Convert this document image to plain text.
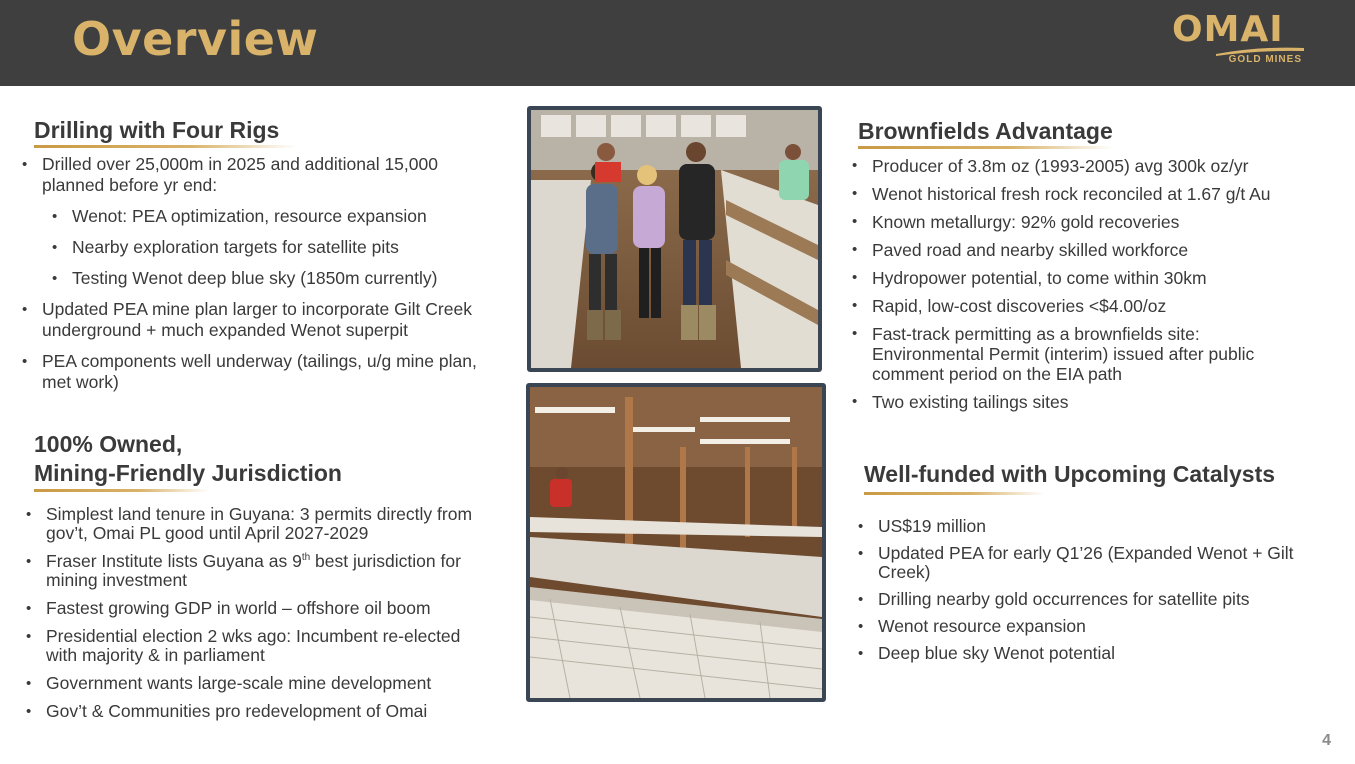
Overview	OMAI
GOLD MINES
Drilling with Four Rigs
• Drilled over 25,000m in 2025 and additional 15,000 planned before yr end:
• Wenot: PEA optimization, resource expansion
• Nearby exploration targets for satellite pits
• Testing Wenot deep blue sky (1850m currently)
• Updated PEA mine plan larger to incorporate Gilt Creek underground + much expanded Wenot superpit
• PEA components well underway (tailings, u/g mine plan, met work)
100% Owned,
Mining-Friendly Jurisdiction
• Simplest land tenure in Guyana: 3 permits directly from gov’t, Omai PL good until April 2027-2029
• Fraser Institute lists Guyana as 9th best jurisdiction for mining investment
• Fastest growing GDP in world – offshore oil boom
• Presidential election 2 wks ago: Incumbent re-elected with majority & in parliament
• Government wants large-scale mine development
• Gov’t & Communities pro redevelopment of Omai
Brownfields Advantage
• Producer of 3.8m oz (1993-2005) avg 300k oz/yr
• Wenot historical fresh rock reconciled at 1.67 g/t Au
• Known metallurgy: 92% gold recoveries
• Paved road and nearby skilled workforce
• Hydropower potential, to come within 30km
• Rapid, low-cost discoveries <$4.00/oz
• Fast-track permitting as a brownfields site: Environmental Permit (interim) issued after public comment period on the EIA path
• Two existing tailings sites
Well-funded with Upcoming Catalysts
• US$19 million
• Updated PEA for early Q1’26 (Expanded Wenot + Gilt Creek)
• Drilling nearby gold occurrences for satellite pits
• Wenot resource expansion
• Deep blue sky Wenot potential
4
